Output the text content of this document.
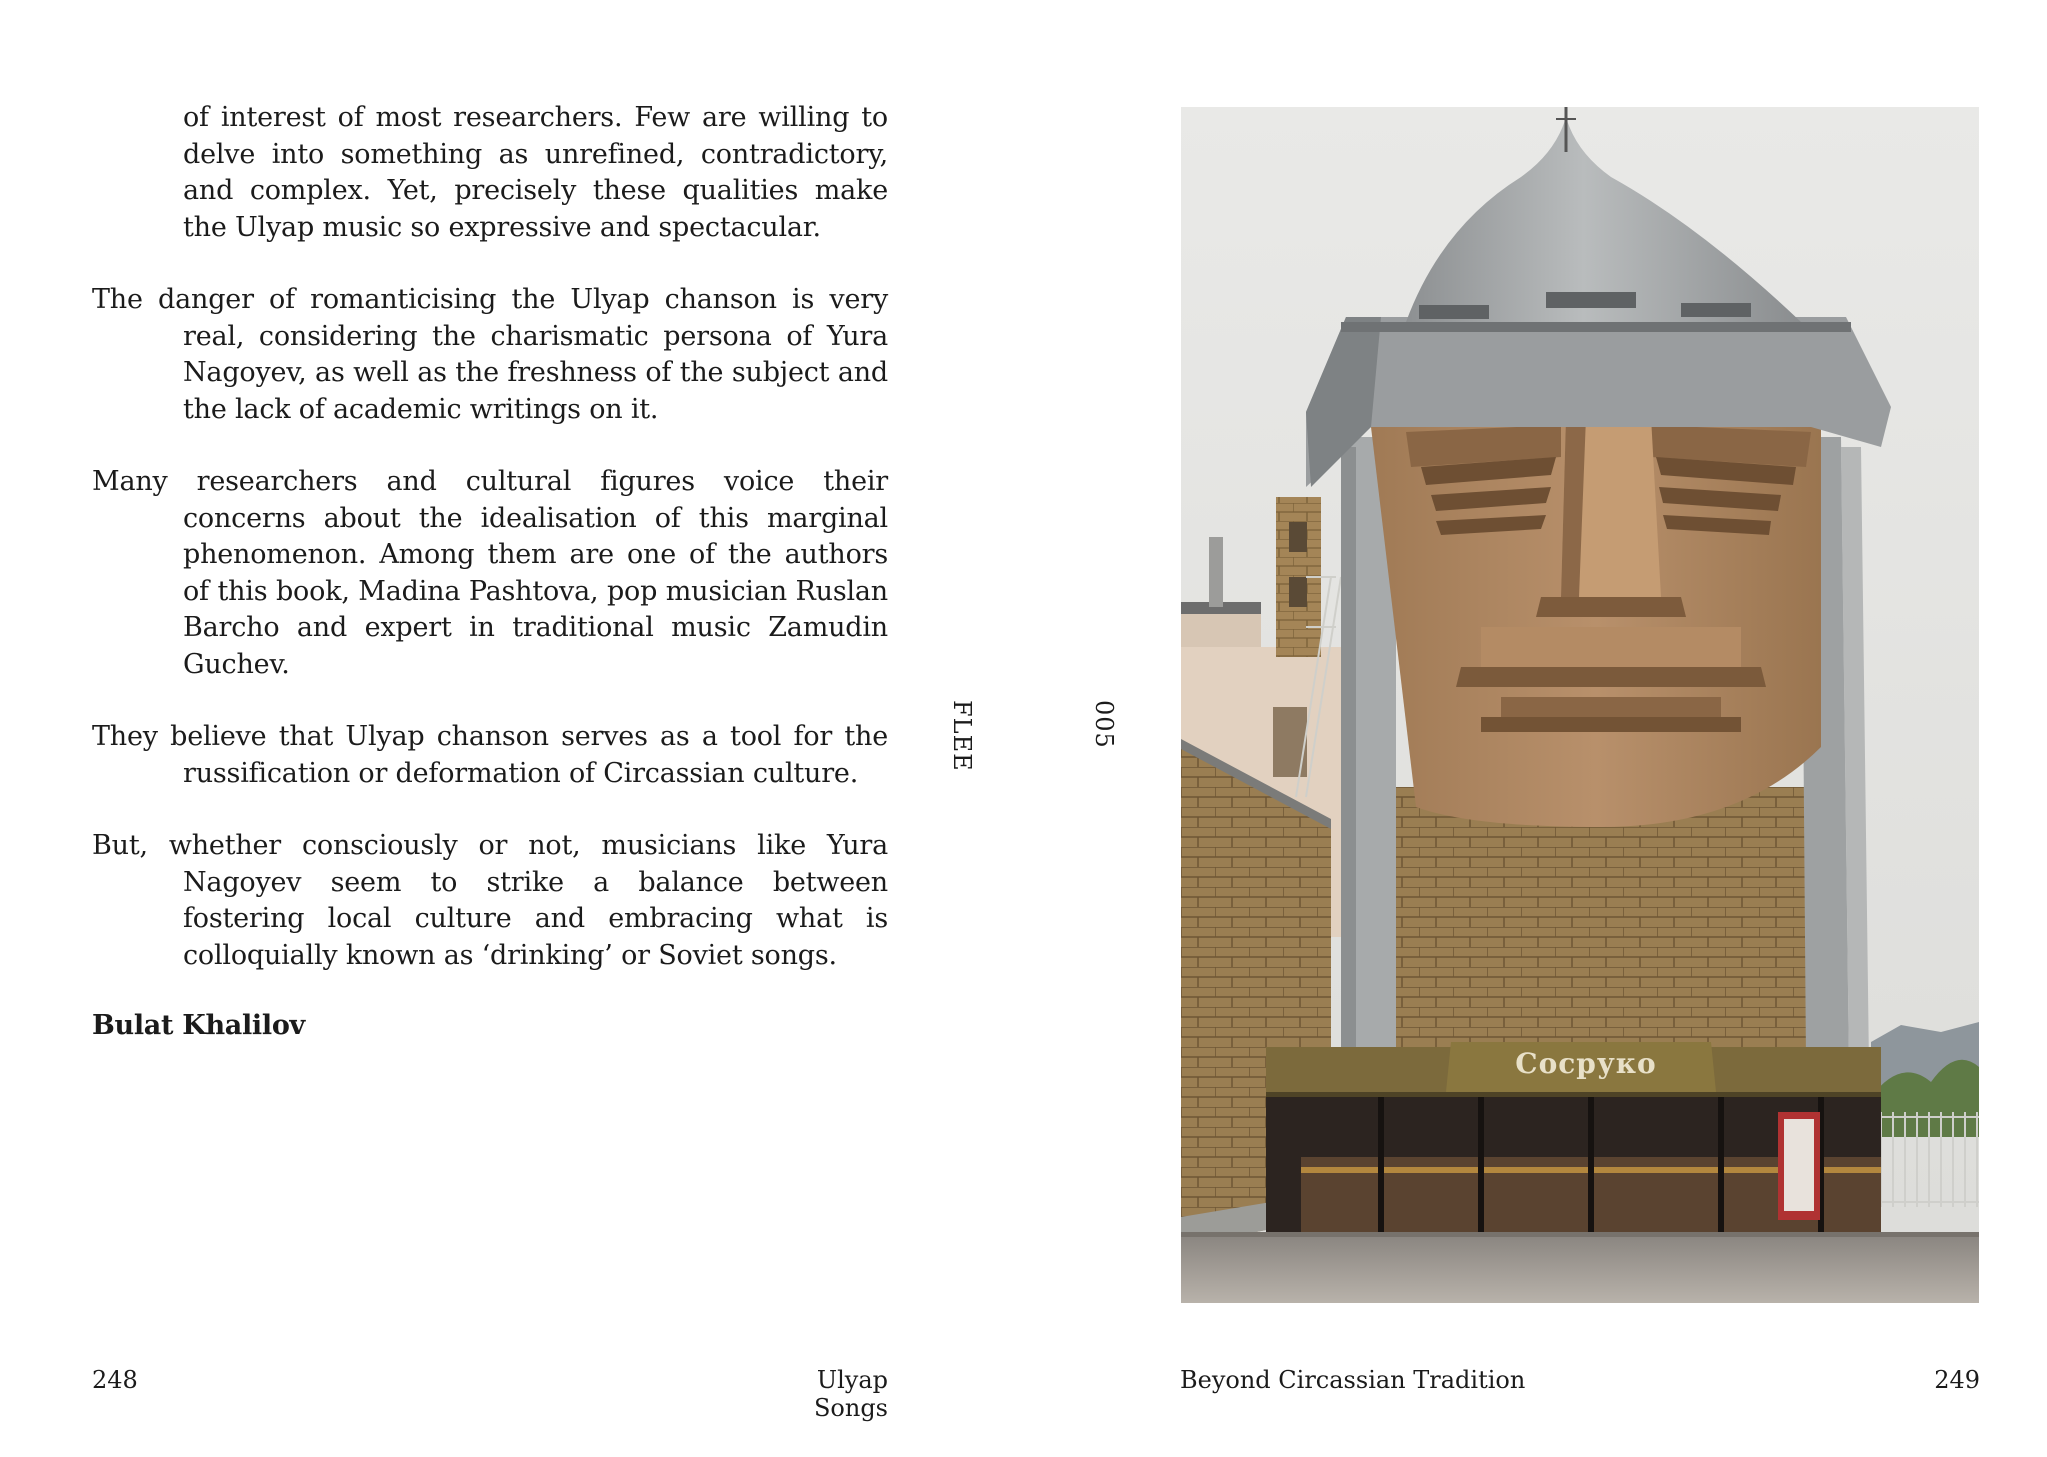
of interest of most researchers. Few are willing to delve into something as unrefined, contradictory, and complex. Yet, precisely these qualities make the Ulyap music so expressive and spectacular.

The danger of romanticising the Ulyap chanson is very real, considering the charismatic persona of Yura Nagoyev, as well as the freshness of the subject and the lack of academic writings on it.

Many researchers and cultural figures voice their concerns about the idealisation of this marginal phenomenon. Among them are one of the authors of this book, Madina Pashtova, pop musician Ruslan Barcho and expert in traditional music Zamudin Guchev.

They believe that Ulyap chanson serves as a tool for the russification or deformation of Circassian culture.

But, whether consciously or not, musicians like Yura Nagoyev seem to strike a balance between fostering local culture and embracing what is colloquially known as ‘drinking’ or Soviet songs.

Bulat Khalilov
FLEE	005
Сосруко
248	Ulyap Songs
Beyond Circassian Tradition	249
